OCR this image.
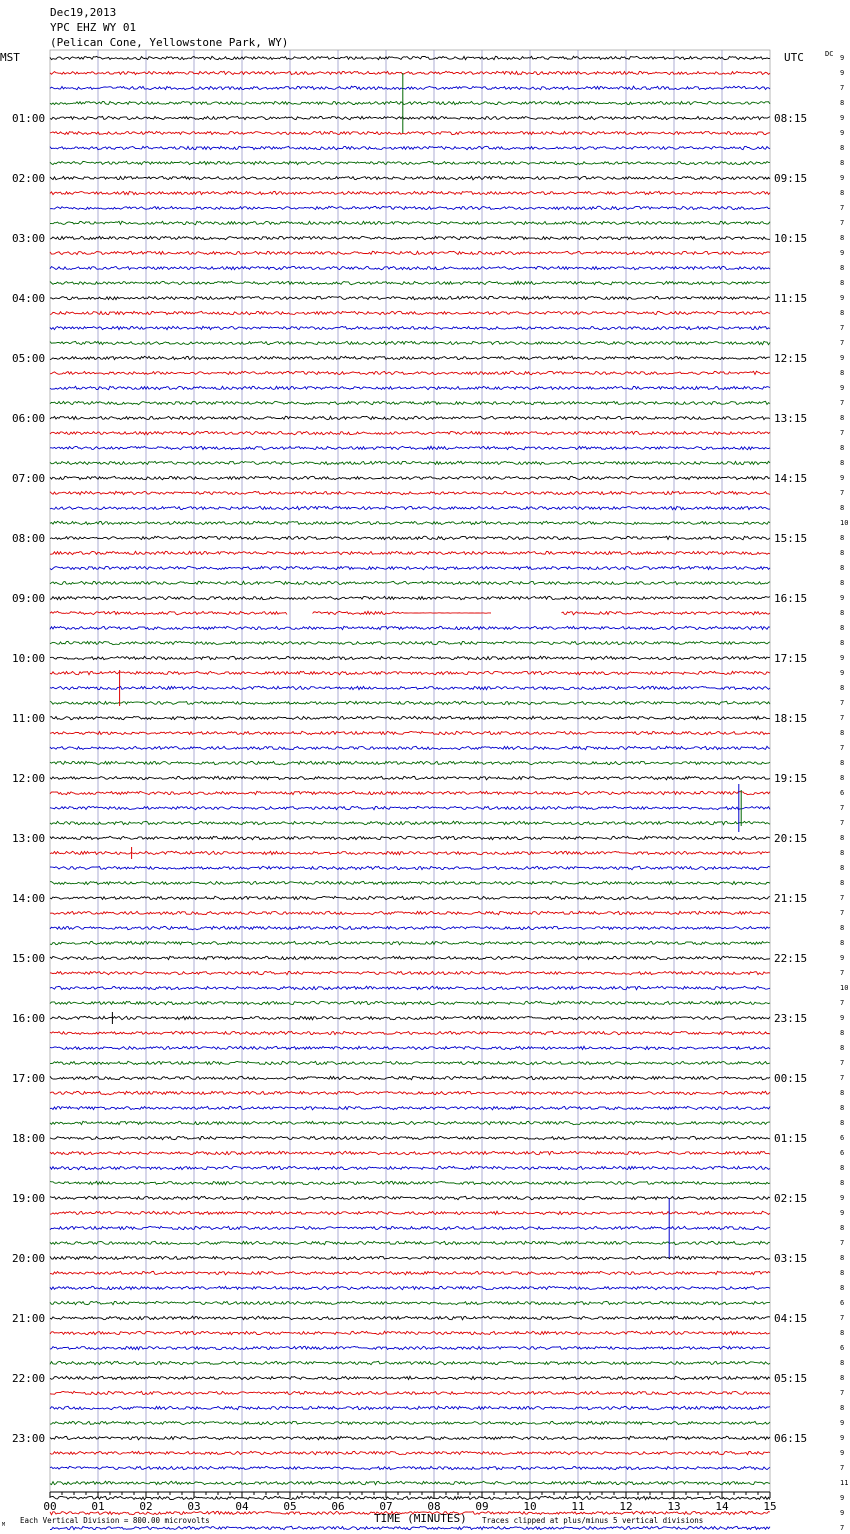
Dec19,2013
YPC EHZ WY 01
(Pelican Cone, Yellowstone Park, WY)
MST	UTC	DC
01:00
02:00
03:00
04:00
05:00
06:00
07:00
08:00
09:00
10:00
11:00
12:00
13:00
14:00
15:00
16:00
17:00
18:00
19:00
20:00
21:00
22:00
23:00
08:15
09:15
10:15
11:15
12:15
13:15
14:15
15:15
16:15
17:15
18:15
19:15
20:15
21:15
22:15
23:15
00:15
01:15
02:15
03:15
04:15
05:15
06:15
9
9
7
8
9
9
8
8
9
8
7
7
8
9
8
8
9
8
7
7
9
8
9
7
8
7
8
8
9
7
8
10
8
8
8
8
9
8
8
8
9
9
8
7
7
8
7
8
8
6
7
7
8
8
8
8
7
7
8
8
9
7
10
7
9
8
8
7
7
8
8
8
6
6
8
8
9
9
8
7
8
8
8
6
7
8
6
8
8
7
8
9
9
9
7
11
9
9
7
00	01	02	03	04	05	06	07	08	09	10	11	12	13	14	15
TIME (MINUTES)
M Each Vertical Division = 800.00 microvolts	Traces clipped at plus/minus 5 vertical divisions
